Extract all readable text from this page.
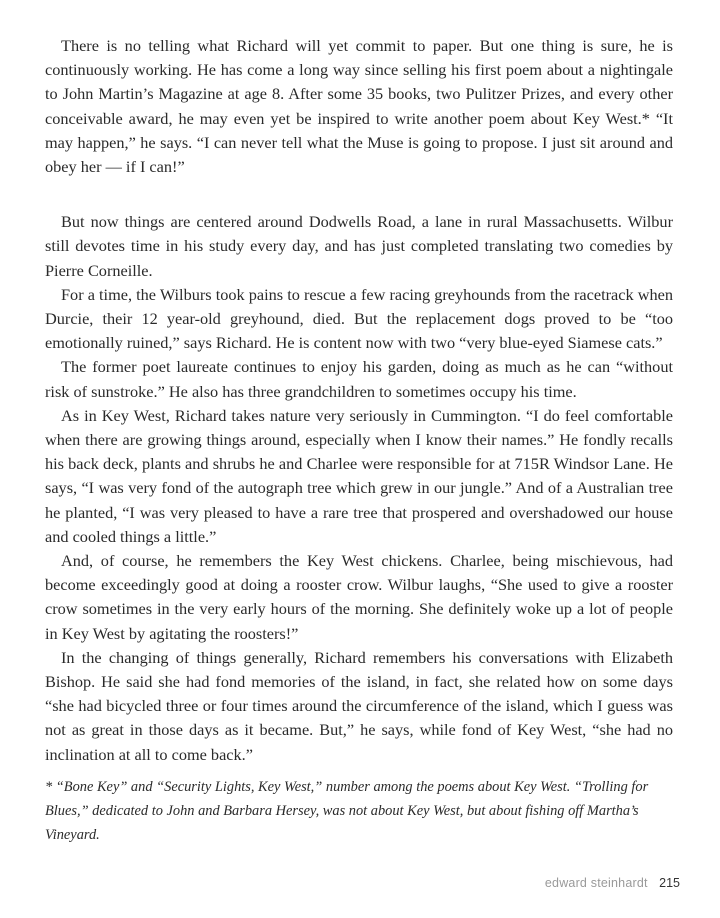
There is no telling what Richard will yet commit to paper. But one thing is sure, he is continuously working. He has come a long way since selling his first poem about a nightingale to John Martin’s Magazine at age 8. After some 35 books, two Pulitzer Prizes, and every other conceivable award, he may even yet be inspired to write another poem about Key West.* “It may happen,” he says. “I can never tell what the Muse is going to propose. I just sit around and obey her — if I can!”

But now things are centered around Dodwells Road, a lane in rural Massachusetts. Wilbur still devotes time in his study every day, and has just completed translating two comedies by Pierre Corneille.

For a time, the Wilburs took pains to rescue a few racing greyhounds from the racetrack when Durcie, their 12 year-old greyhound, died. But the replacement dogs proved to be “too emotionally ruined,” says Richard. He is content now with two “very blue-eyed Siamese cats.”

The former poet laureate continues to enjoy his garden, doing as much as he can “without risk of sunstroke.” He also has three grandchildren to sometimes occupy his time.

As in Key West, Richard takes nature very seriously in Cummington. “I do feel comfortable when there are growing things around, especially when I know their names.” He fondly recalls his back deck, plants and shrubs he and Charlee were responsible for at 715R Windsor Lane. He says, “I was very fond of the autograph tree which grew in our jungle.” And of a Australian tree he planted, “I was very pleased to have a rare tree that prospered and overshadowed our house and cooled things a little.”

And, of course, he remembers the Key West chickens. Charlee, being mischievous, had become exceedingly good at doing a rooster crow. Wilbur laughs, “She used to give a rooster crow sometimes in the very early hours of the morning. She definitely woke up a lot of people in Key West by agitating the roosters!”

In the changing of things generally, Richard remembers his conversations with Elizabeth Bishop. He said she had fond memories of the island, in fact, she related how on some days “she had bicycled three or four times around the circumference of the island, which I guess was not as great in those days as it became. But,” he says, while fond of Key West, “she had no inclination at all to come back.”

* “Bone Key” and “Security Lights, Key West,” number among the poems about Key West. “Trolling for Blues,” dedicated to John and Barbara Hersey, was not about Key West, but about fishing off Martha’s Vineyard.

edward steinhardt 215
